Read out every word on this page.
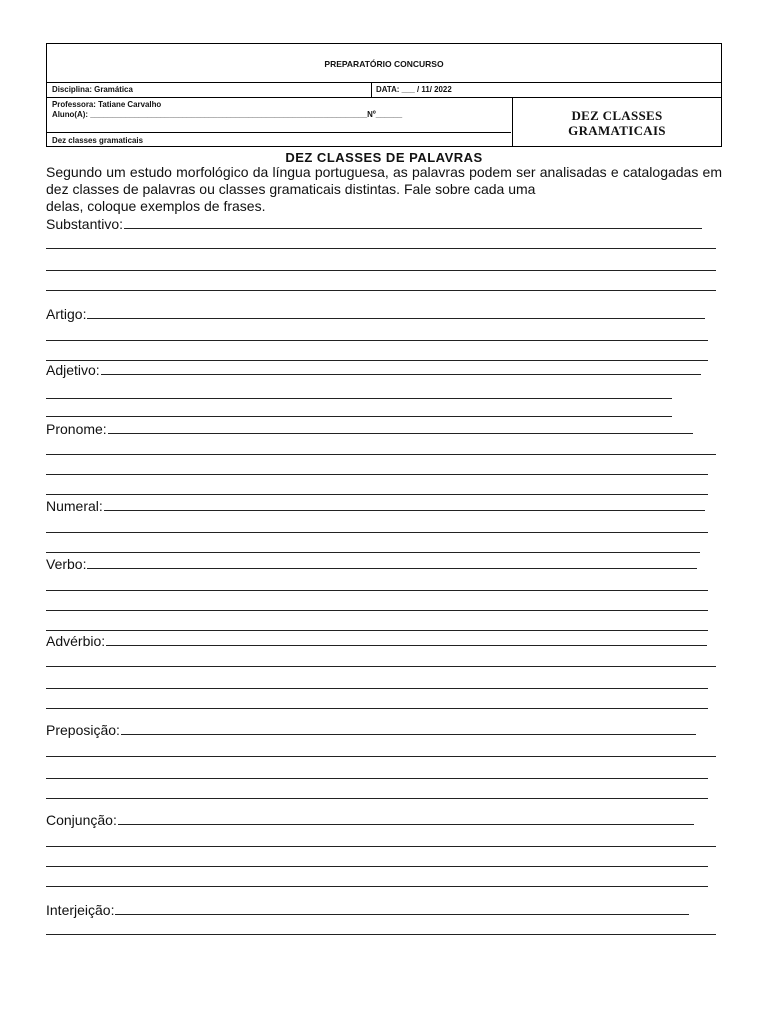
PREPARATÓRIO CONCURSO
Disciplina: Gramática	DATA: ___ / 11/ 2022
Professora: Tatiane Carvalho
Aluno(A): _______________________________________________________________Nº______
Dez classes gramaticais
DEZ CLASSES
GRAMATICAIS
DEZ CLASSES DE PALAVRAS
Segundo um estudo morfológico da língua portuguesa, as palavras podem ser analisadas e catalogadas em dez classes de palavras ou classes gramaticais distintas. Fale sobre cada uma
delas, coloque exemplos de frases.
Substantivo:
Artigo:
Adjetivo:
Pronome:
Numeral:
Verbo:
Advérbio:
Preposição:
Conjunção:
Interjeição:
